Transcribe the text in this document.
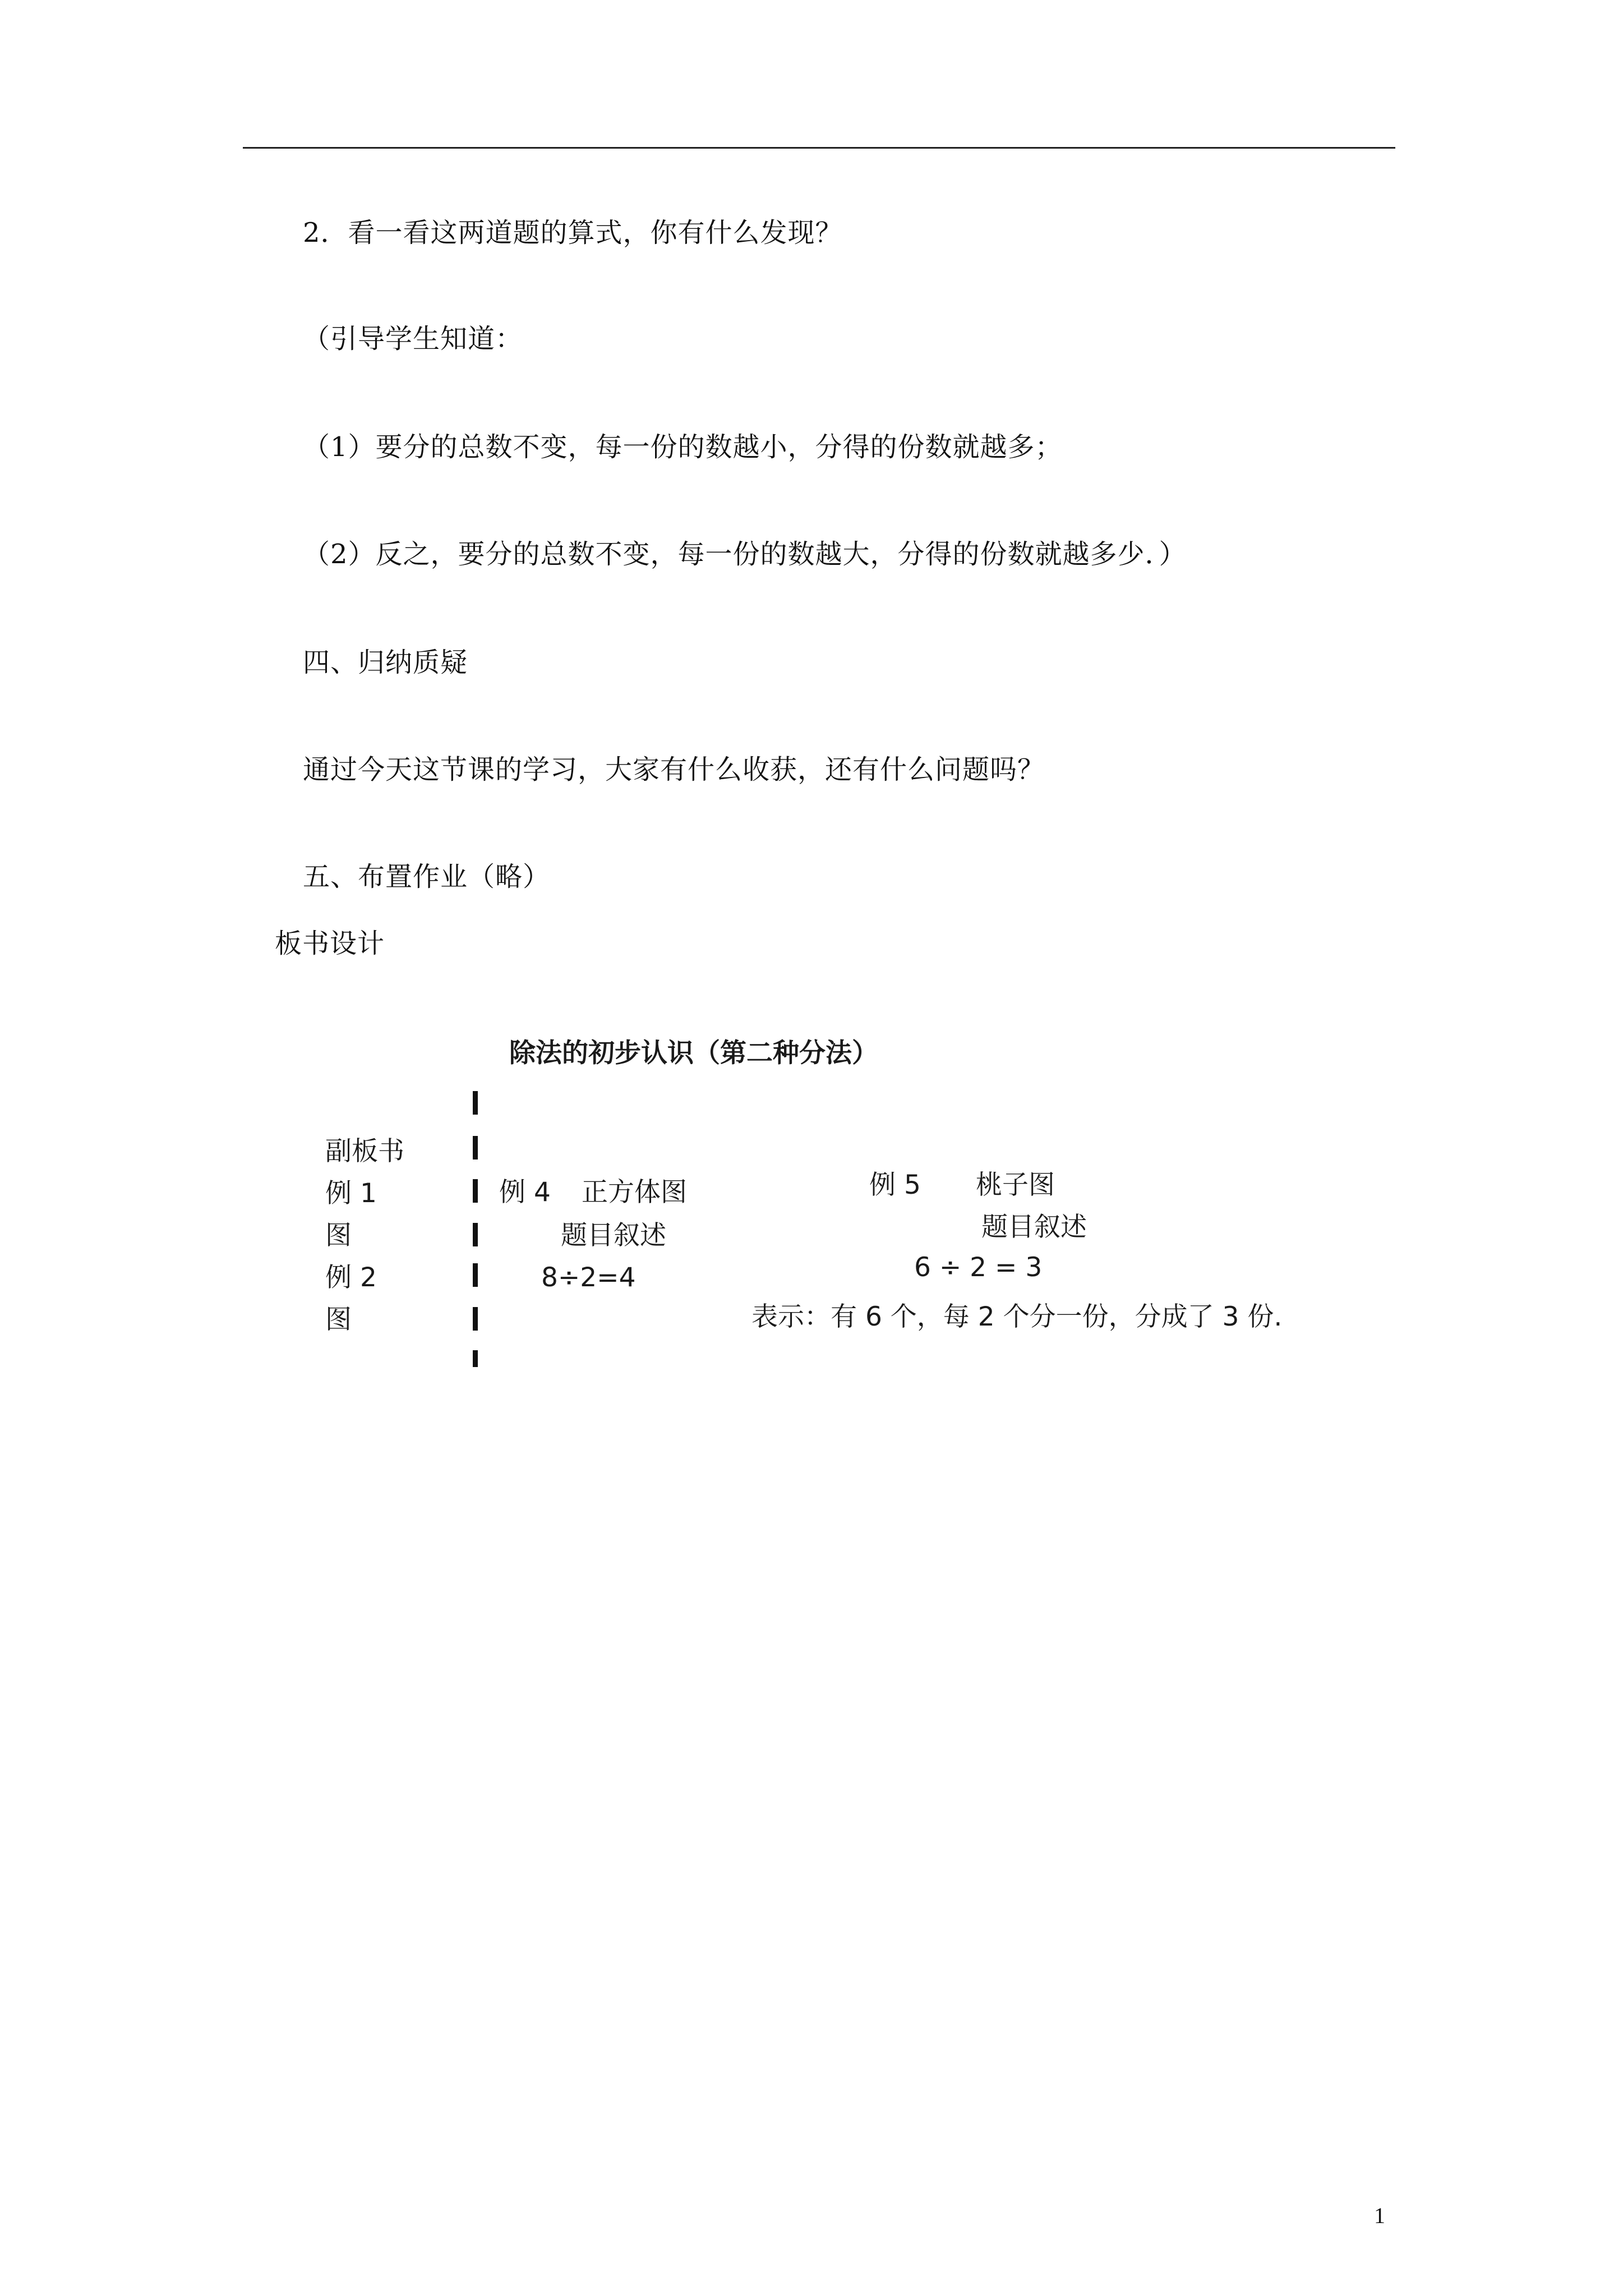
2．看一看这两道题的算式，你有什么发现？
（引导学生知道：
（1）要分的总数不变，每一份的数越小，分得的份数就越多；
（2）反之，要分的总数不变，每一份的数越大，分得的份数就越多少．）
四、归纳质疑
通过今天这节课的学习，大家有什么收获，还有什么问题吗？
五、布置作业（略）
板书设计
除法的初步认识（第二种分法）
副板书
例 1
图
例 2
图
例 4 正方体图
题目叙述
8÷2=4
例 5 桃子图
题目叙述
6 ÷ 2 = 3
表示：有 6 个，每 2 个分一份，分成了 3 份.
1
